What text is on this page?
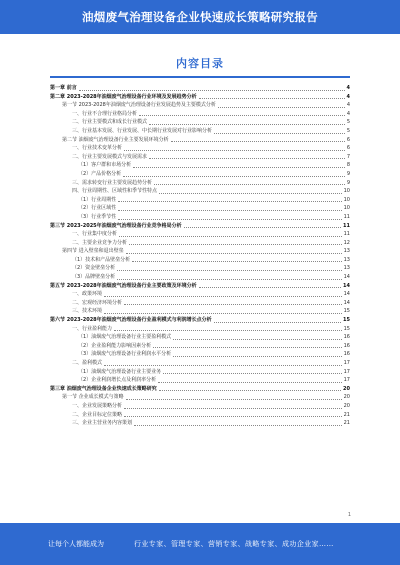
油烟废气治理设备企业快速成长策略研究报告
内容目录
第一章 前言	4
第二章 2023-2028年油烟废气治理设备行业环境及发展趋势分析	4
第一节 2023-2028年油烟废气治理设备行业发展趋势及主要模式分析	4
一、行业不合理行业格局分析	4
二、行业主要模式和成长行业模式	5
三、行业基本发展、行业发展、中长期行业发展对行业影响分析	5
第二节 油烟废气治理设备行业主要发展环境分析	6
一、行业技术变革分析	6
二、行业主要发展模式与发展需求	7
（1）客户群和市场分析	8
（2）产品价格分析	9
三、需求转变行业主要发展趋势分析	9
四、行业周期性、区域性和季节性特点	10
（1）行业周期性	10
（2）行业区域性	10
（3）行业季节性	11
第三节 2023-2025年油烟废气治理设备行业竞争格局分析	11
一、行业集中度分析	11
二、主要企业竞争力分析	12
第四节 进入壁垒和退出壁垒	13
（1）技术和产品壁垒分析	13
（2）资金壁垒分析	13
（3）品牌壁垒分析	14
第五节 2023-2028年油烟废气治理设备行业主要政策及环境分析	14
一、政策环境	14
二、宏观经济环境分析	14
三、技术环境	15
第六节 2023-2028年油烟废气治理设备行业盈利模式与利润增长点分析	15
一、行业盈利能力	15
（1）油烟废气治理设备行业主要盈利模式	16
（2）企业盈利能力影响因素分析	16
（3）油烟废气治理设备行业利润水平分析	16
二、盈利模式	17
（1）油烟废气治理设备行业主要业务	17
（2）企业利润增长点及利润率分析	17
第三章 油烟废气治理设备企业快速成长策略研究	20
第一节 企业成长模式与策略	20
一、企业发展策略分析	20
二、企业目标定位策略	21
三、企业主营业务内容策划	21
1
让每个人都能成为	行业专家、管理专家、营销专家、战略专家、成功企业家……
